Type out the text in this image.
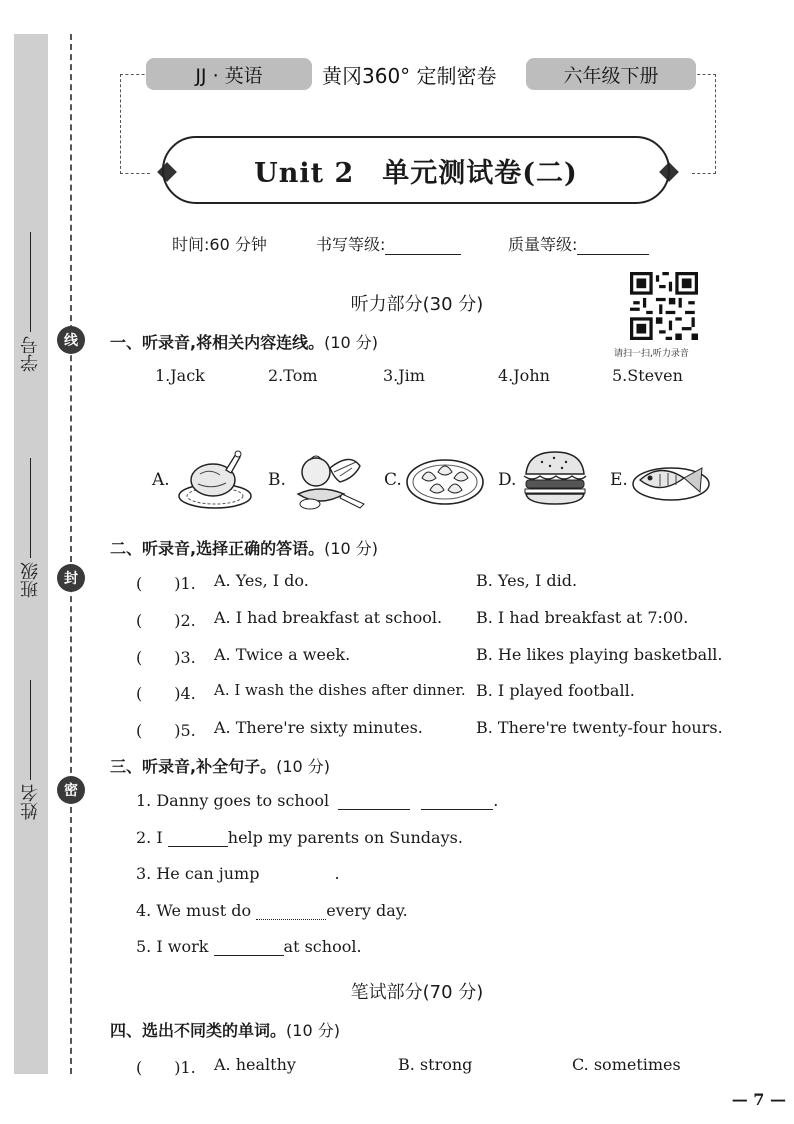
学号
班级
姓名
线
封
密
JJ · 英语	黄冈360° 定制密卷	六年级下册
Unit 2　单元测试卷(二)
时间:60 分钟	书写等级:	质量等级:
请扫一扫,听力录音
听力部分(30 分)
一、听录音,将相关内容连线。(10 分)
1.Jack	2.Tom	3.Jim	4.John	5.Steven
A.	B.	C.	D.	E.
二、听录音,选择正确的答语。(10 分)
(　　)1. A. Yes, I do.	B. Yes, I did.
(　　)2. A. I had breakfast at school. B. I had breakfast at 7:00.
(　　)3. A. Twice a week.	B. He likes playing basketball.
(　　)4. A. I wash the dishes after dinner. B. I played football.
(　　)5. A. There're sixty minutes.	B. There're twenty-four hours.
三、听录音,补全句子。(10 分)
1. Danny goes to school	.
2. I	help my parents on Sundays.
3. He can jump	.
4. We must do	every day.
5. I work	at school.
笔试部分(70 分)
四、选出不同类的单词。(10 分)
(　　)1. A. healthy	B. strong	C. sometimes
— 7 —
